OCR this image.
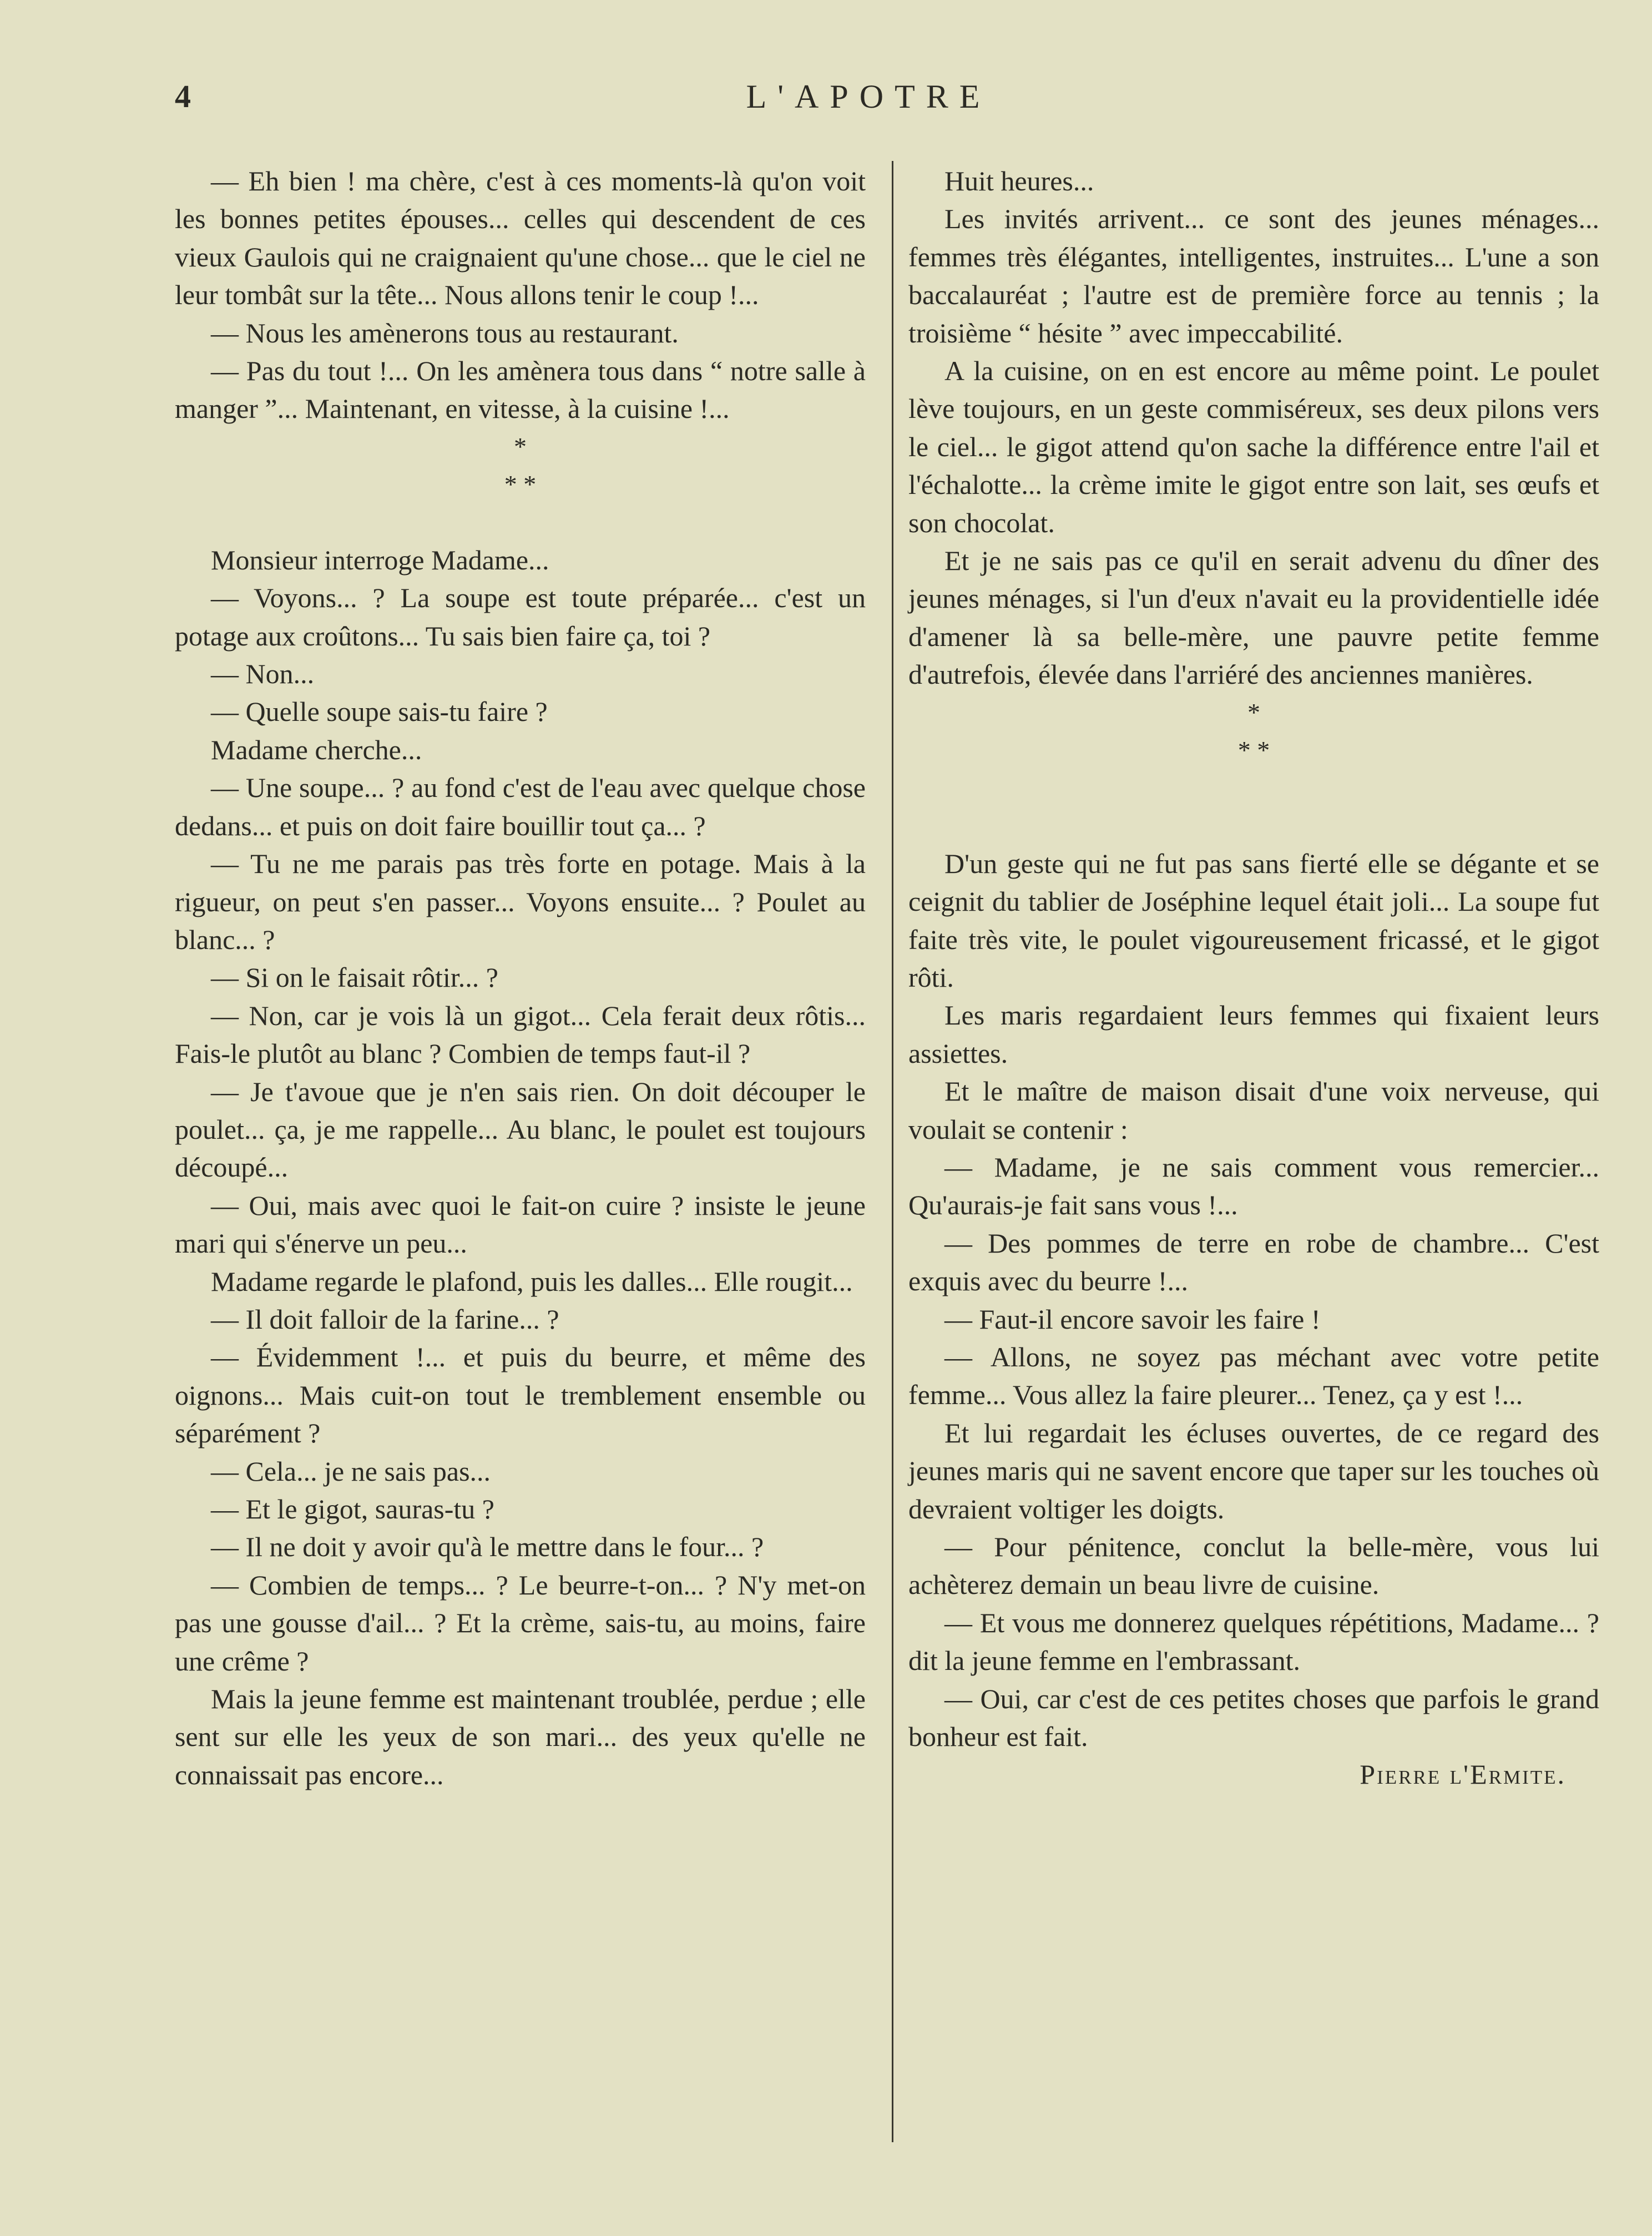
4	L'APOTRE

— Eh bien ! ma chère, c'est à ces moments-là qu'on voit les bonnes petites épouses... celles qui descendent de ces vieux Gaulois qui ne craignaient qu'une chose... que le ciel ne leur tombât sur la tête... Nous allons tenir le coup !...

— Nous les amènerons tous au restaurant.

— Pas du tout !... On les amènera tous dans “ notre salle à manger ”... Maintenant, en vitesse, à la cuisine !...

*
* *

Monsieur interroge Madame...

— Voyons... ? La soupe est toute préparée... c'est un potage aux croûtons... Tu sais bien faire ça, toi ?

— Non...

— Quelle soupe sais-tu faire ?

Madame cherche...

— Une soupe... ? au fond c'est de l'eau avec quelque chose dedans... et puis on doit faire bouillir tout ça... ?

— Tu ne me parais pas très forte en potage. Mais à la rigueur, on peut s'en passer... Voyons ensuite... ? Poulet au blanc... ?

— Si on le faisait rôtir... ?

— Non, car je vois là un gigot... Cela ferait deux rôtis... Fais-le plutôt au blanc ? Combien de temps faut-il ?

— Je t'avoue que je n'en sais rien. On doit découper le poulet... ça, je me rappelle... Au blanc, le poulet est toujours découpé...

— Oui, mais avec quoi le fait-on cuire ? insiste le jeune mari qui s'énerve un peu...

Madame regarde le plafond, puis les dalles... Elle rougit...

— Il doit falloir de la farine... ?

— Évidemment !... et puis du beurre, et même des oignons... Mais cuit-on tout le tremblement ensemble ou séparément ?

— Cela... je ne sais pas...

— Et le gigot, sauras-tu ?

— Il ne doit y avoir qu'à le mettre dans le four... ?

— Combien de temps... ? Le beurre-t-on... ? N'y met-on pas une gousse d'ail... ? Et la crème, sais-tu, au moins, faire une crême ?

Mais la jeune femme est maintenant troublée, perdue ; elle sent sur elle les yeux de son mari... des yeux qu'elle ne connaissait pas encore...

Huit heures...

Les invités arrivent... ce sont des jeunes ménages... femmes très élégantes, intelligentes, instruites... L'une a son baccalauréat ; l'autre est de première force au tennis ; la troisième “ hésite ” avec impeccabilité.

A la cuisine, on en est encore au même point. Le poulet lève toujours, en un geste commiséreux, ses deux pilons vers le ciel... le gigot attend qu'on sache la différence entre l'ail et l'échalotte... la crème imite le gigot entre son lait, ses œufs et son chocolat.

Et je ne sais pas ce qu'il en serait advenu du dîner des jeunes ménages, si l'un d'eux n'avait eu la providentielle idée d'amener là sa belle-mère, une pauvre petite femme d'autrefois, élevée dans l'arriéré des anciennes manières.

*
* *

D'un geste qui ne fut pas sans fierté elle se dégante et se ceignit du tablier de Joséphine lequel était joli... La soupe fut faite très vite, le poulet vigoureusement fricassé, et le gigot rôti.

Les maris regardaient leurs femmes qui fixaient leurs assiettes.

Et le maître de maison disait d'une voix nerveuse, qui voulait se contenir :

— Madame, je ne sais comment vous remercier... Qu'aurais-je fait sans vous !...

— Des pommes de terre en robe de chambre... C'est exquis avec du beurre !...

— Faut-il encore savoir les faire !

— Allons, ne soyez pas méchant avec votre petite femme... Vous allez la faire pleurer... Tenez, ça y est !...

Et lui regardait les écluses ouvertes, de ce regard des jeunes maris qui ne savent encore que taper sur les touches où devraient voltiger les doigts.

— Pour pénitence, conclut la belle-mère, vous lui achèterez demain un beau livre de cuisine.

— Et vous me donnerez quelques répétitions, Madame... ? dit la jeune femme en l'embrassant.

— Oui, car c'est de ces petites choses que parfois le grand bonheur est fait.

Pierre l'Ermite.
